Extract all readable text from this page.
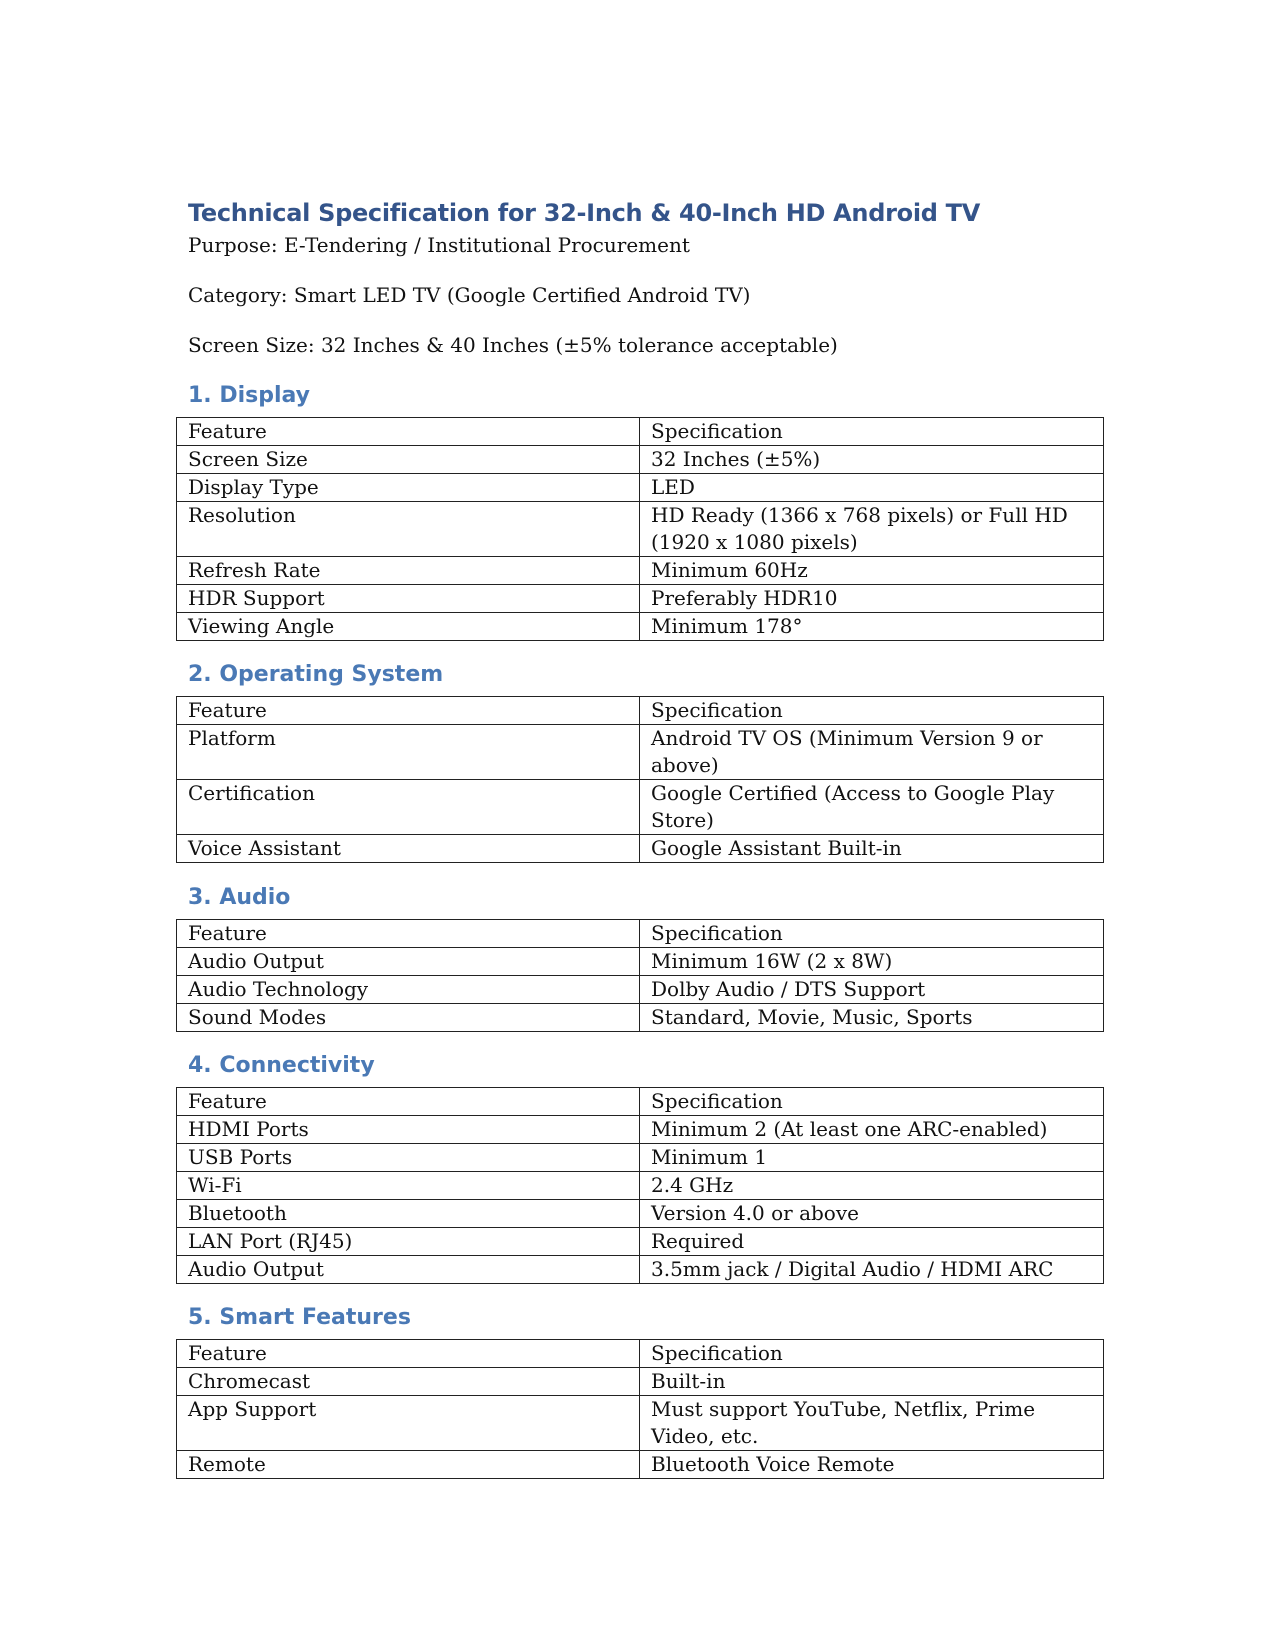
Technical Specification for 32-Inch & 40-Inch HD Android TV
Purpose: E-Tendering / Institutional Procurement
Category: Smart LED TV (Google Certified Android TV)
Screen Size: 32 Inches & 40 Inches (±5% tolerance acceptable)
1. Display
Feature	Specification
Screen Size	32 Inches (±5%)
Display Type	LED
Resolution	HD Ready (1366 x 768 pixels) or Full HD (1920 x 1080 pixels)
Refresh Rate	Minimum 60Hz
HDR Support	Preferably HDR10
Viewing Angle	Minimum 178°
2. Operating System
Feature	Specification
Platform	Android TV OS (Minimum Version 9 or above)
Certification	Google Certified (Access to Google Play Store)
Voice Assistant	Google Assistant Built-in
3. Audio
Feature	Specification
Audio Output	Minimum 16W (2 x 8W)
Audio Technology	Dolby Audio / DTS Support
Sound Modes	Standard, Movie, Music, Sports
4. Connectivity
Feature	Specification
HDMI Ports	Minimum 2 (At least one ARC-enabled)
USB Ports	Minimum 1
Wi-Fi	2.4 GHz
Bluetooth	Version 4.0 or above
LAN Port (RJ45)	Required
Audio Output	3.5mm jack / Digital Audio / HDMI ARC
5. Smart Features
Feature	Specification
Chromecast	Built-in
App Support	Must support YouTube, Netflix, Prime Video, etc.
Remote	Bluetooth Voice Remote
